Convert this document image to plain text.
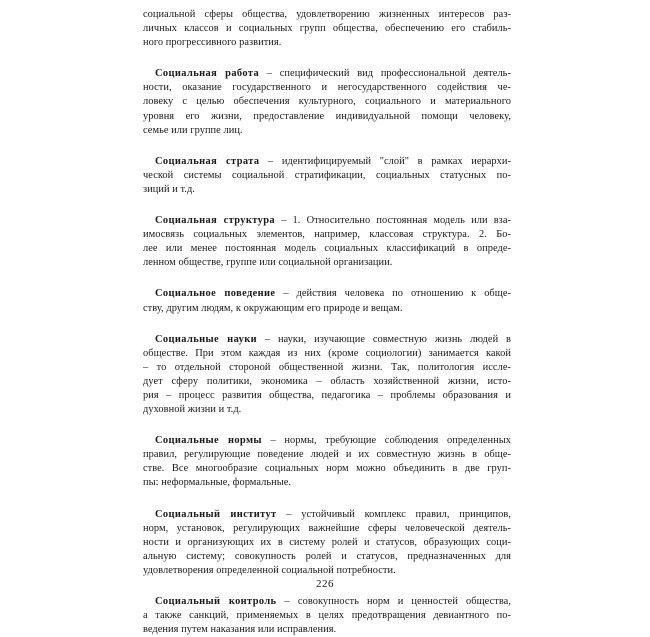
социальной сферы общества, удовлетворению жизненных интересов раз-
личных классов и социальных групп общества, обеспечению его стабиль-
ного прогрессивного развития.

Социальная работа – специфический вид профессиональной деятель-
ности, оказание государственного и негосударственного содействия че-
ловеку с целью обеспечения культурного, социального и материального
уровня его жизни, предоставление индивидуальной помощи человеку,
семье или группе лиц.

Социальная страта – идентифицируемый "слой" в рамках иерархи-
ческой системы социальной стратификации, социальных статусных по-
зиций и т.д.

Социальная структура – 1. Относительно постоянная модель или вза-
имосвязь социальных элементов, например, классовая структура. 2. Бо-
лее или менее постоянная модель социальных классификаций в опреде-
ленном обществе, группе или социальной организации.

Социальное поведение – действия человека по отношению к обще-
ству, другим людям, к окружающим его природе и вещам.

Социальные науки – науки, изучающие совместную жизнь людей в
обществе. При этом каждая из них (кроме социологии) занимается какой
– то отдельной стороной общественной жизни. Так, политология иссле-
дует сферу политики, экономика – область хозяйственной жизни, исто-
рия – процесс развития общества, педагогика – проблемы образования и
духовной жизни и т.д.

Социальные нормы – нормы, требующие соблюдения определенных
правил, регулирующие поведение людей и их совместную жизнь в обще-
стве. Все многообразие социальных норм можно объединить в две груп-
пы: неформальные, формальные.

Социальный институт – устойчивый комплекс правил, принципов,
норм, установок, регулирующих важнейшие сферы человеческой деятель-
ности и организующих их в систему ролей и статусов, образующих соци-
альную систему; совокупность ролей и статусов, предназначенных для
удовлетворения определенной социальной потребности.

Социальный контроль – совокупность норм и ценностей общества,
а также санкций, применяемых в целях предотвращения девиантного по-
ведения путем наказания или исправления.

226
